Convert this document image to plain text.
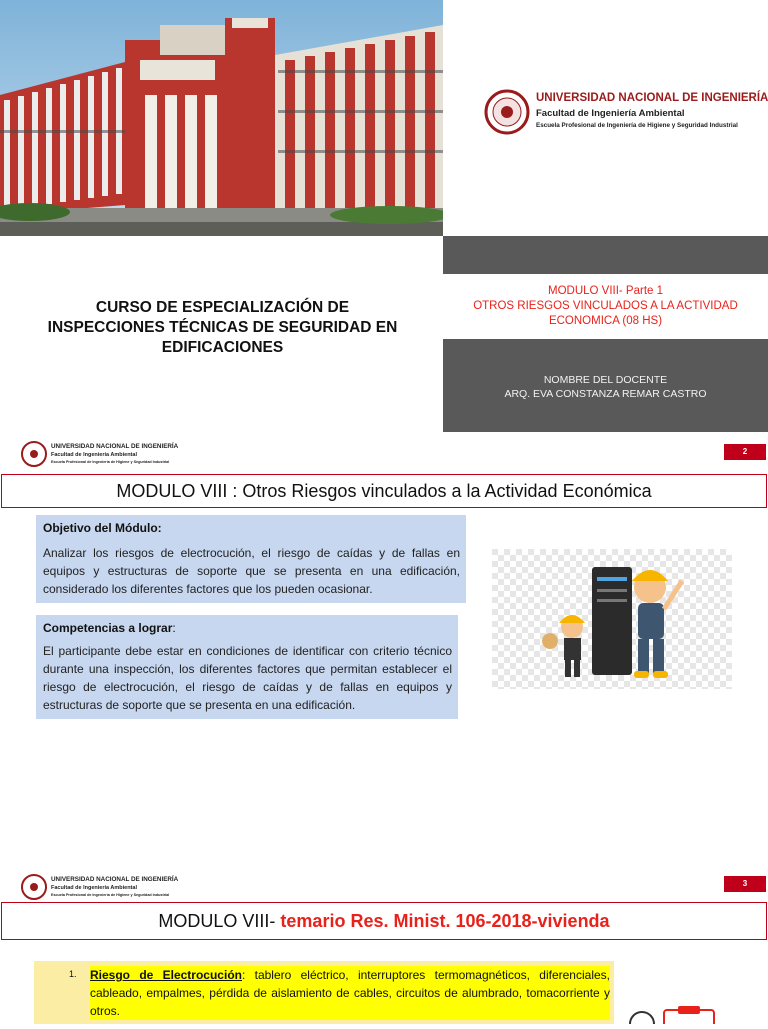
UNIVERSIDAD NACIONAL DE INGENIERÍA
Facultad de Ingeniería Ambiental
Escuela Profesional de Ingeniería de Higiene y Seguridad Industrial
CURSO DE ESPECIALIZACIÓN DE
INSPECCIONES TÉCNICAS DE SEGURIDAD EN
EDIFICACIONES
MODULO VIII- Parte 1
OTROS RIESGOS VINCULADOS A LA ACTIVIDAD
ECONOMICA (08 HS)
NOMBRE DEL DOCENTE
ARQ. EVA CONSTANZA REMAR CASTRO
UNIVERSIDAD NACIONAL DE INGENIERÍA
Facultad de Ingeniería Ambiental
Escuela Profesional de Ingeniería de Higiene y Seguridad Industrial
2
MODULO VIII : Otros Riesgos vinculados a la Actividad Económica
Objetivo del Módulo:
Analizar los riesgos de electrocución, el riesgo de caídas y de fallas en equipos y estructuras de soporte que se presenta en una edificación, considerado los diferentes factores que los pueden ocasionar.
Competencias a lograr:
El participante debe estar en condiciones de identificar con criterio técnico durante una inspección, los diferentes factores que permitan establecer el riesgo de electrocución, el riesgo de caídas y de fallas en equipos y estructuras de soporte que se presenta en una edificación.
UNIVERSIDAD NACIONAL DE INGENIERÍA
Facultad de Ingeniería Ambiental
Escuela Profesional de Ingeniería de Higiene y Seguridad Industrial
3
MODULO VIII- temario Res. Minist. 106-2018-vivienda
1. Riesgo de Electrocución: tablero eléctrico, interruptores termomagnéticos, diferenciales, cableado, empalmes, pérdida de aislamiento de cables, circuitos de alumbrado, tomacorriente y otros.
